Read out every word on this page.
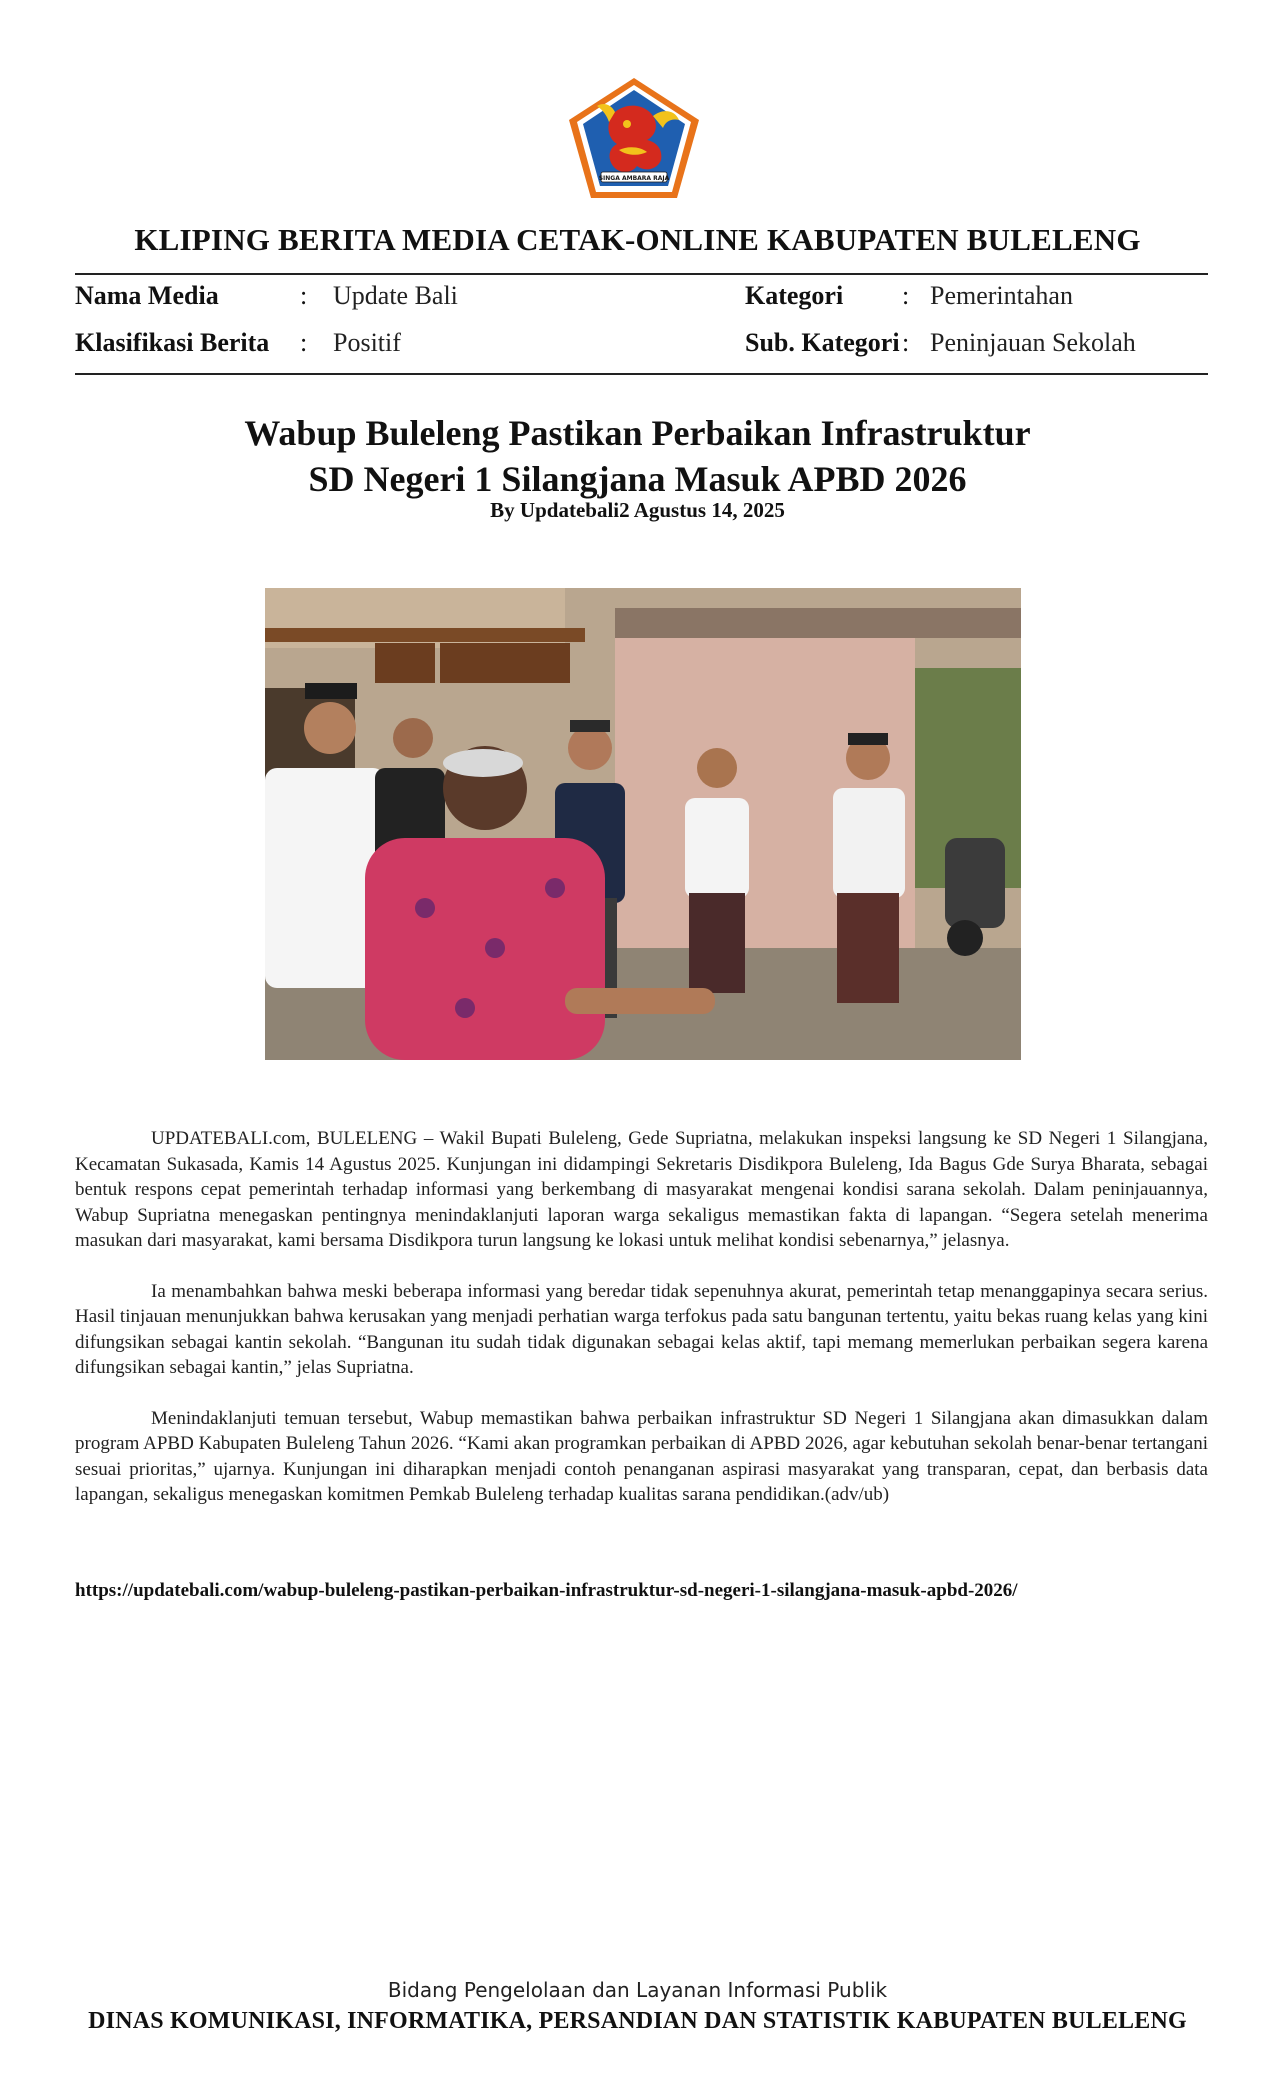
SINGA AMBARA RAJA
KLIPING BERITA MEDIA CETAK-ONLINE KABUPATEN BULELENG
Nama Media	: Update Bali	Kategori : Pemerintahan
Klasifikasi Berita : Positif	Sub. Kategori : Peninjauan Sekolah
Wabup Buleleng Pastikan Perbaikan Infrastruktur
SD Negeri 1 Silangjana Masuk APBD 2026
By Updatebali2 Agustus 14, 2025

UPDATEBALI.com, BULELENG – Wakil Bupati Buleleng, Gede Supriatna, melakukan inspeksi langsung ke SD Negeri 1 Silangjana, Kecamatan Sukasada, Kamis 14 Agustus 2025. Kunjungan ini didampingi Sekretaris Disdikpora Buleleng, Ida Bagus Gde Surya Bharata, sebagai bentuk respons cepat pemerintah terhadap informasi yang berkembang di masyarakat mengenai kondisi sarana sekolah. Dalam peninjauannya, Wabup Supriatna menegaskan pentingnya menindaklanjuti laporan warga sekaligus memastikan fakta di lapangan. “Segera setelah menerima masukan dari masyarakat, kami bersama Disdikpora turun langsung ke lokasi untuk melihat kondisi sebenarnya,” jelasnya.

Ia menambahkan bahwa meski beberapa informasi yang beredar tidak sepenuhnya akurat, pemerintah tetap menanggapinya secara serius. Hasil tinjauan menunjukkan bahwa kerusakan yang menjadi perhatian warga terfokus pada satu bangunan tertentu, yaitu bekas ruang kelas yang kini difungsikan sebagai kantin sekolah. “Bangunan itu sudah tidak digunakan sebagai kelas aktif, tapi memang memerlukan perbaikan segera karena difungsikan sebagai kantin,” jelas Supriatna.

Menindaklanjuti temuan tersebut, Wabup memastikan bahwa perbaikan infrastruktur SD Negeri 1 Silangjana akan dimasukkan dalam program APBD Kabupaten Buleleng Tahun 2026. “Kami akan programkan perbaikan di APBD 2026, agar kebutuhan sekolah benar-benar tertangani sesuai prioritas,” ujarnya. Kunjungan ini diharapkan menjadi contoh penanganan aspirasi masyarakat yang transparan, cepat, dan berbasis data lapangan, sekaligus menegaskan komitmen Pemkab Buleleng terhadap kualitas sarana pendidikan.(adv/ub)

https://updatebali.com/wabup-buleleng-pastikan-perbaikan-infrastruktur-sd-negeri-1-silangjana-masuk-apbd-2026/
Bidang Pengelolaan dan Layanan Informasi Publik
DINAS KOMUNIKASI, INFORMATIKA, PERSANDIAN DAN STATISTIK KABUPATEN BULELENG
